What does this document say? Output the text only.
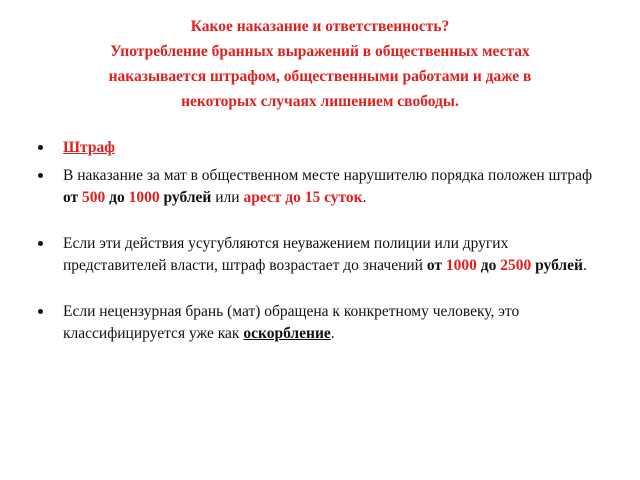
Какое наказание и ответственность?
Употребление бранных выражений в общественных местах
наказывается штрафом, общественными работами и даже в
некоторых случаях лишением свободы.
Штраф
В наказание за мат в общественном месте нарушителю порядка положен штраф от 500 до 1000 рублей или арест до 15 суток.
Если эти действия усугубляются неуважением полиции или других представителей власти, штраф возрастает до значений от 1000 до 2500 рублей.
Если нецензурная брань (мат) обращена к конкретному человеку, это классифицируется уже как оскорбление.
